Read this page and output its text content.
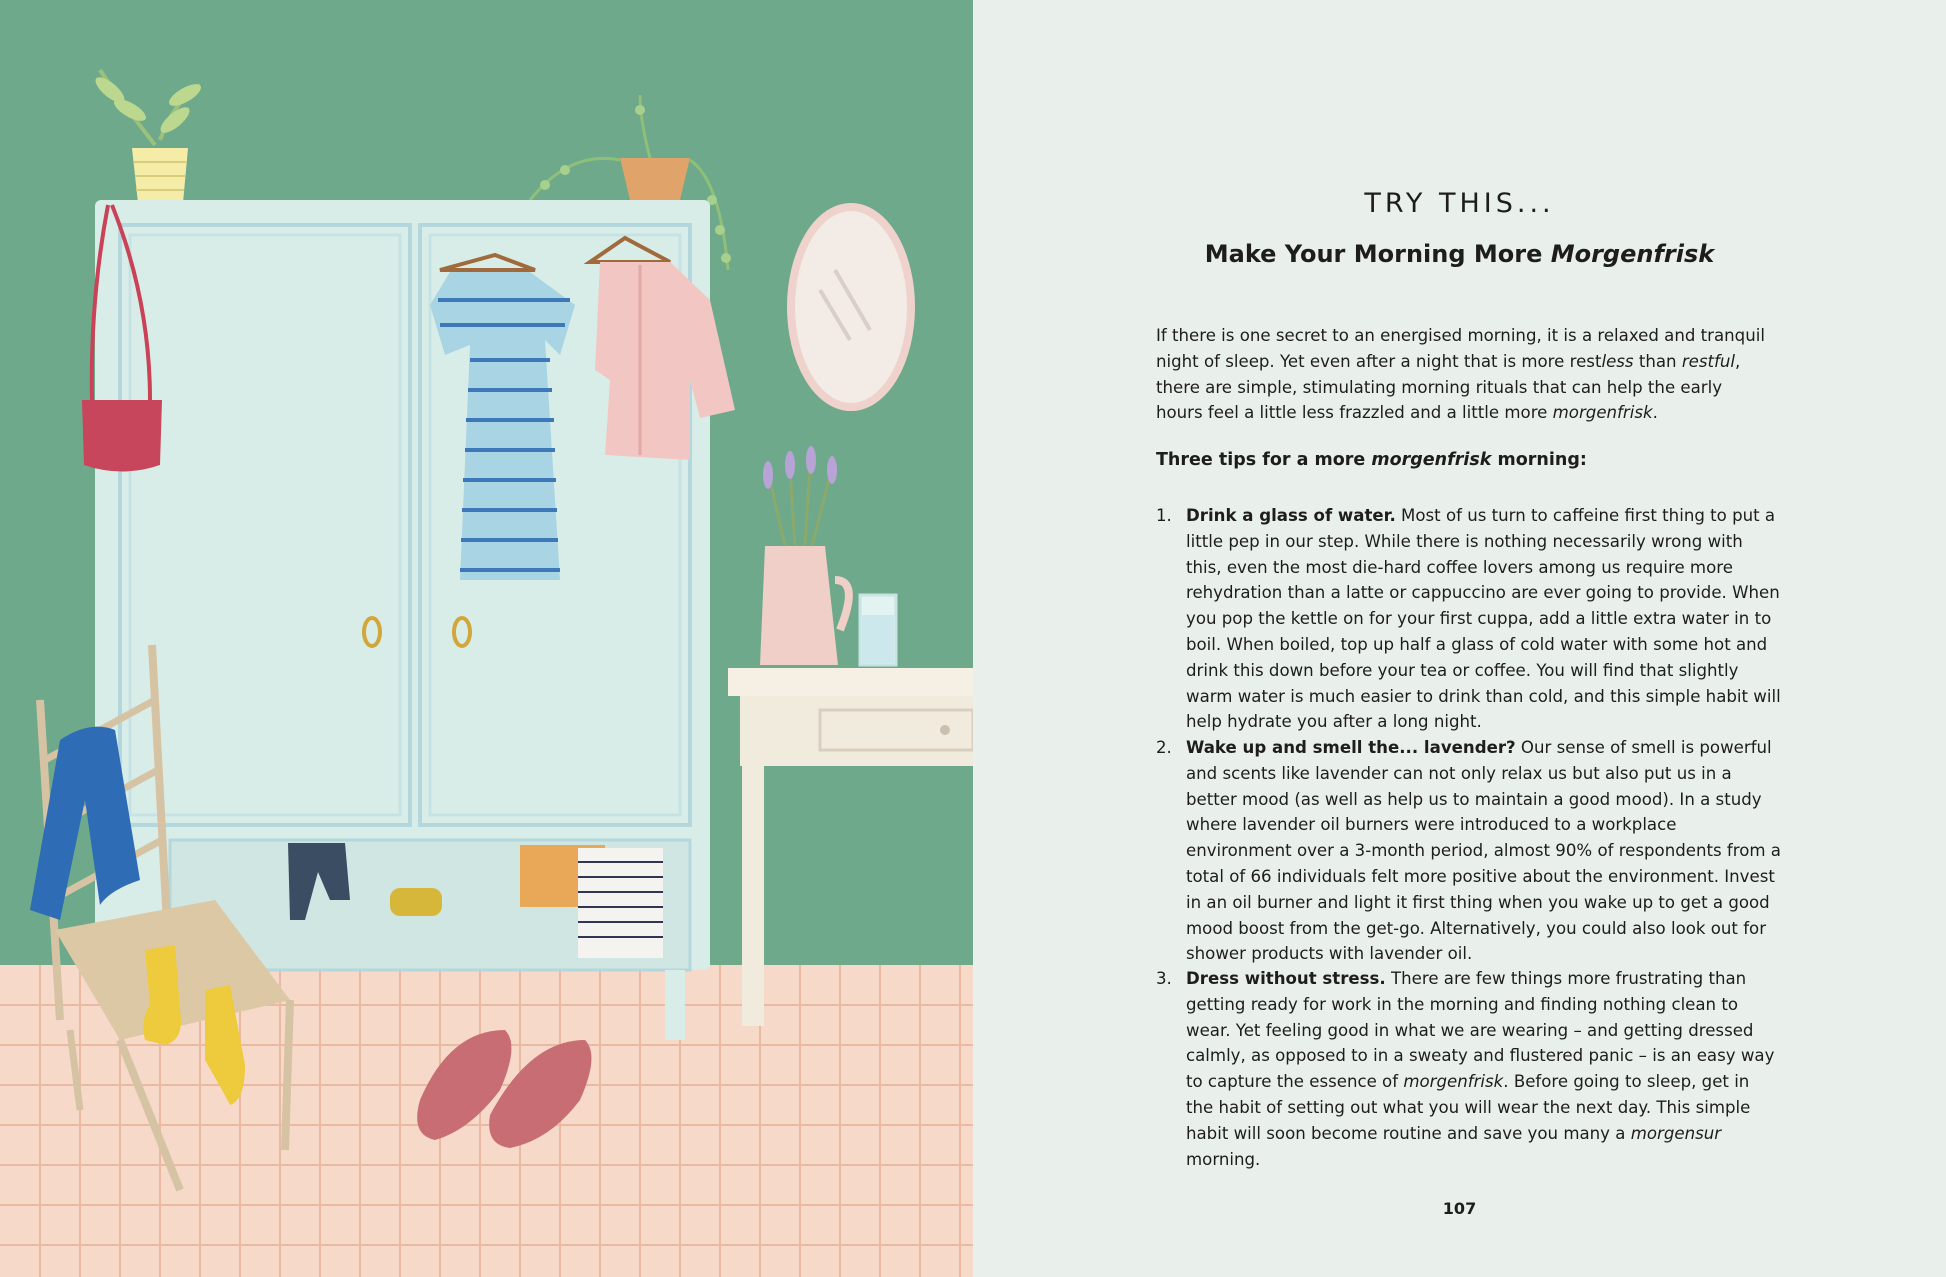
TRY THIS...
Make Your Morning More Morgenfrisk
If there is one secret to an energised morning, it is a relaxed and tranquil night of sleep. Yet even after a night that is more restless than restful, there are simple, stimulating morning rituals that can help the early hours feel a little less frazzled and a little more morgenfrisk.
Three tips for a more morgenfrisk morning:
1. Drink a glass of water. Most of us turn to caffeine first thing to put a little pep in our step. While there is nothing necessarily wrong with this, even the most die-hard coffee lovers among us require more rehydration than a latte or cappuccino are ever going to provide. When you pop the kettle on for your first cuppa, add a little extra water in to boil. When boiled, top up half a glass of cold water with some hot and drink this down before your tea or coffee. You will find that slightly warm water is much easier to drink than cold, and this simple habit will help hydrate you after a long night.
2. Wake up and smell the... lavender? Our sense of smell is powerful and scents like lavender can not only relax us but also put us in a better mood (as well as help us to maintain a good mood). In a study where lavender oil burners were introduced to a workplace environment over a 3-month period, almost 90% of respondents from a total of 66 individuals felt more positive about the environment. Invest in an oil burner and light it first thing when you wake up to get a good mood boost from the get-go. Alternatively, you could also look out for shower products with lavender oil.
3. Dress without stress. There are few things more frustrating than getting ready for work in the morning and finding nothing clean to wear. Yet feeling good in what we are wearing – and getting dressed calmly, as opposed to in a sweaty and flustered panic – is an easy way to capture the essence of morgenfrisk. Before going to sleep, get in the habit of setting out what you will wear the next day. This simple habit will soon become routine and save you many a morgensur morning.
107
